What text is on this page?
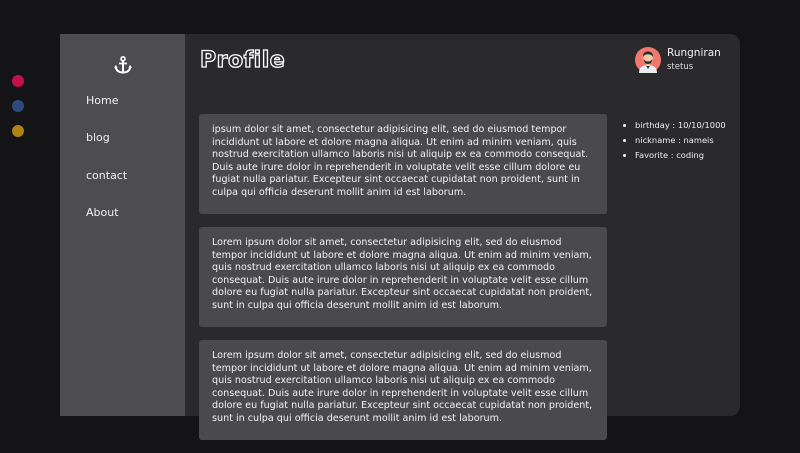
Home
blog
contact
About
Profile	Rungniran
stetus
ipsum dolor sit amet, consectetur adipisicing elit, sed do eiusmod tempor incididunt ut labore et dolore magna aliqua. Ut enim ad minim veniam, quis nostrud exercitation ullamco laboris nisi ut aliquip ex ea commodo consequat. Duis aute irure dolor in reprehenderit in voluptate velit esse cillum dolore eu fugiat nulla pariatur. Excepteur sint occaecat cupidatat non proident, sunt in culpa qui officia deserunt mollit anim id est laborum.
Lorem ipsum dolor sit amet, consectetur adipisicing elit, sed do eiusmod tempor incididunt ut labore et dolore magna aliqua. Ut enim ad minim veniam, quis nostrud exercitation ullamco laboris nisi ut aliquip ex ea commodo consequat. Duis aute irure dolor in reprehenderit in voluptate velit esse cillum dolore eu fugiat nulla pariatur. Excepteur sint occaecat cupidatat non proident, sunt in culpa qui officia deserunt mollit anim id est laborum.
Lorem ipsum dolor sit amet, consectetur adipisicing elit, sed do eiusmod tempor incididunt ut labore et dolore magna aliqua. Ut enim ad minim veniam, quis nostrud exercitation ullamco laboris nisi ut aliquip ex ea commodo consequat. Duis aute irure dolor in reprehenderit in voluptate velit esse cillum dolore eu fugiat nulla pariatur. Excepteur sint occaecat cupidatat non proident, sunt in culpa qui officia deserunt mollit anim id est laborum.
• birthday : 10/10/1000
• nickname : nameis
• Favorite : coding
